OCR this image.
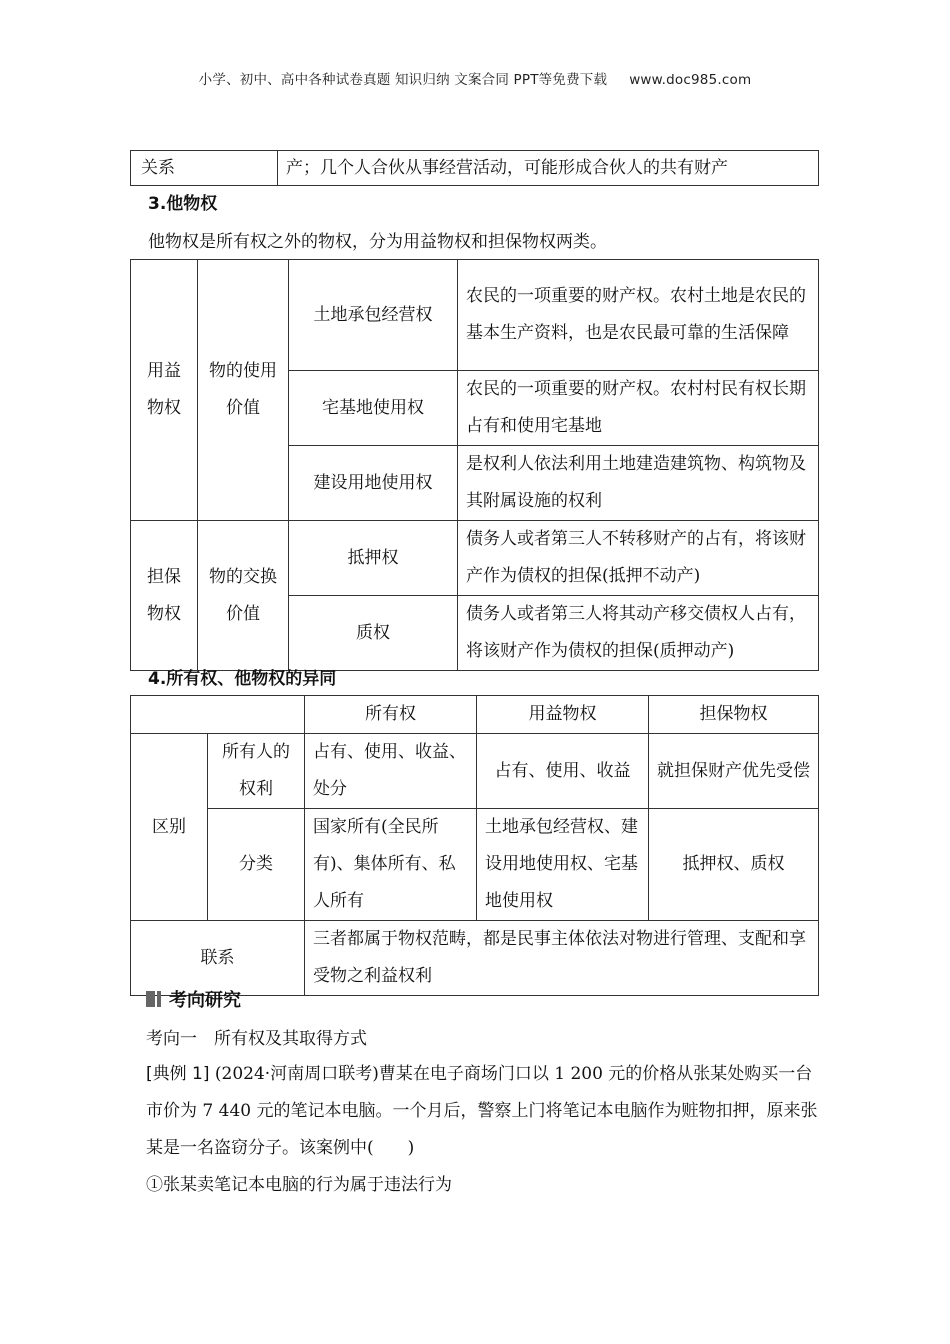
小学、初中、高中各种试卷真题 知识归纳 文案合同 PPT等免费下载 www.doc985.com
关系	产；几个人合伙从事经营活动，可能形成合伙人的共有财产
3.他物权
他物权是所有权之外的物权，分为用益物权和担保物权两类。
用益物权	物的使用价值	土地承包经营权	农民的一项重要的财产权。农村土地是农民的基本生产资料，也是农民最可靠的生活保障
		宅基地使用权	农民的一项重要的财产权。农村村民有权长期占有和使用宅基地
		建设用地使用权	是权利人依法利用土地建造建筑物、构筑物及其附属设施的权利
担保物权	物的交换价值	抵押权	债务人或者第三人不转移财产的占有，将该财产作为债权的担保(抵押不动产)
		质权	债务人或者第三人将其动产移交债权人占有，将该财产作为债权的担保(质押动产)
4.所有权、他物权的异同
		所有权	用益物权	担保物权
区别	所有人的权利	占有、使用、收益、处分	占有、使用、收益	就担保财产优先受偿
	分类	国家所有(全民所有)、集体所有、私人所有	土地承包经营权、建设用地使用权、宅基地使用权	抵押权、质权
联系		三者都属于物权范畴，都是民事主体依法对物进行管理、支配和享受物之利益权利		
考向研究
考向一　所有权及其取得方式
[典例 1] (2024·河南周口联考)曹某在电子商场门口以 1 200 元的价格从张某处购买一台市价为 7 440 元的笔记本电脑。一个月后，警察上门将笔记本电脑作为赃物扣押，原来张某是一名盗窃分子。该案例中(　　)
①张某卖笔记本电脑的行为属于违法行为
